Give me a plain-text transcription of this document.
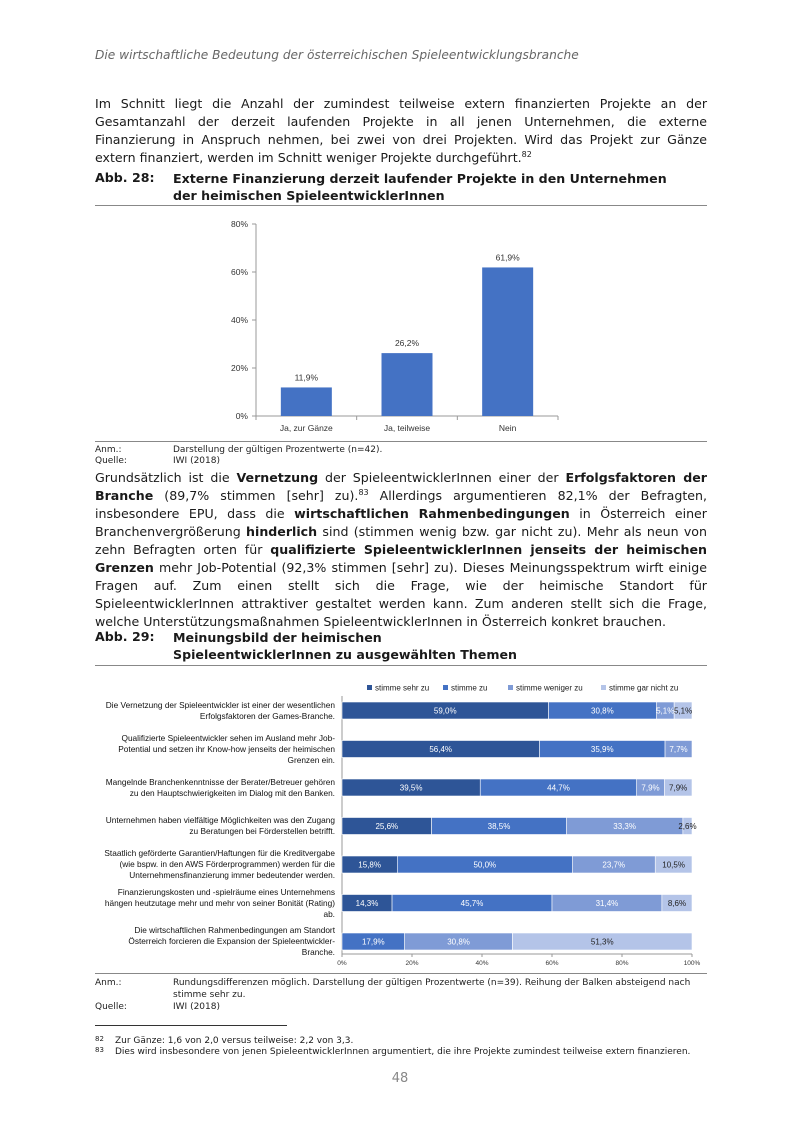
Die wirtschaftliche Bedeutung der österreichischen Spieleentwicklungsbranche
Im Schnitt liegt die Anzahl der zumindest teilweise extern finanzierten Projekte an der Gesamtanzahl der derzeit laufenden Projekte in all jenen Unternehmen, die externe Finanzierung in Anspruch nehmen, bei zwei von drei Projekten. Wird das Projekt zur Gänze extern finanziert, werden im Schnitt weniger Projekte durchgeführt.$^{82}$
Abb. 28: Externe Finanzierung derzeit laufender Projekte in den Unternehmen der heimischen SpieleentwicklerInnen
0%
20%
40%
60%
80%
11,9%
26,2%
61,9%
Ja, zur Gänze	Ja, teilweise	Nein
Anm.:	Darstellung der gültigen Prozentwerte (n=42).
Quelle:	IWI (2018)
Grundsätzlich ist die Vernetzung der SpieleentwicklerInnen einer der Erfolgsfaktoren der Branche (89,7% stimmen [sehr] zu).$^{83}$ Allerdings argumentieren 82,1% der Befragten, insbesondere EPU, dass die wirtschaftlichen Rahmenbedingungen in Österreich einer Branchenvergrößerung hinderlich sind (stimmen wenig bzw. gar nicht zu). Mehr als neun von zehn Befragten orten für qualifizierte SpieleentwicklerInnen jenseits der heimischen Grenzen mehr Job-Potential (92,3% stimmen [sehr] zu). Dieses Meinungsspektrum wirft einige Fragen auf. Zum einen stellt sich die Frage, wie der heimische Standort für SpieleentwicklerInnen attraktiver gestaltet werden kann. Zum anderen stellt sich die Frage, welche Unterstützungsmaßnahmen SpieleentwicklerInnen in Österreich konkret brauchen.
Abb. 29: Meinungsbild der heimischen SpieleentwicklerInnen zu ausgewählten Themen
Die Vernetzung der Spieleentwickler ist einer der wesentlichen
Erfolgsfaktoren der Games-Branche.
Qualifizierte Spieleentwickler sehen im Ausland mehr Job-
Potential und setzen ihr Know-how jenseits der heimischen
Grenzen ein.
Mangelnde Branchenkenntnisse der Berater/Betreuer gehören
zu den Hauptschwierigkeiten im Dialog mit den Banken.
Unternehmen haben vielfältige Möglichkeiten was den Zugang
zu Beratungen bei Förderstellen betrifft.
Staatlich geförderte Garantien/Haftungen für die Kreditvergabe
(wie bspw. in den AWS Förderprogrammen) werden für die
Unternehmensfinanzierung immer bedeutender werden.
Finanzierungskosten und -spielräume eines Unternehmens
hängen heutzutage mehr und mehr von seiner Bonität (Rating)
ab.
Die wirtschaftlichen Rahmenbedingungen am Standort
Österreich forcieren die Expansion der Spieleentwickler-
Branche.
stimme sehr zu	stimme zu	stimme weniger zu	stimme gar nicht zu
59,0%	30,8%	5,1% 5,1%
56,4%	35,9%	7,7%
39,5%	44,7%	7,9% 7,9%
25,6%	38,5%	33,3%	2,6%
15,8%	50,0%	23,7%	10,5%
14,3%	45,7%	31,4%	8,6%
17,9%	30,8%	51,3%
0%	20%	40%	60%	80%	100%
Anm.:	Rundungsdifferenzen möglich. Darstellung der gültigen Prozentwerte (n=39). Reihung der Balken absteigend nach stimme sehr zu.
Quelle:	IWI (2018)
82 Zur Gänze: 1,6 von 2,0 versus teilweise: 2,2 von 3,3.
83 Dies wird insbesondere von jenen SpieleentwicklerInnen argumentiert, die ihre Projekte zumindest teilweise extern finanzieren.
48
